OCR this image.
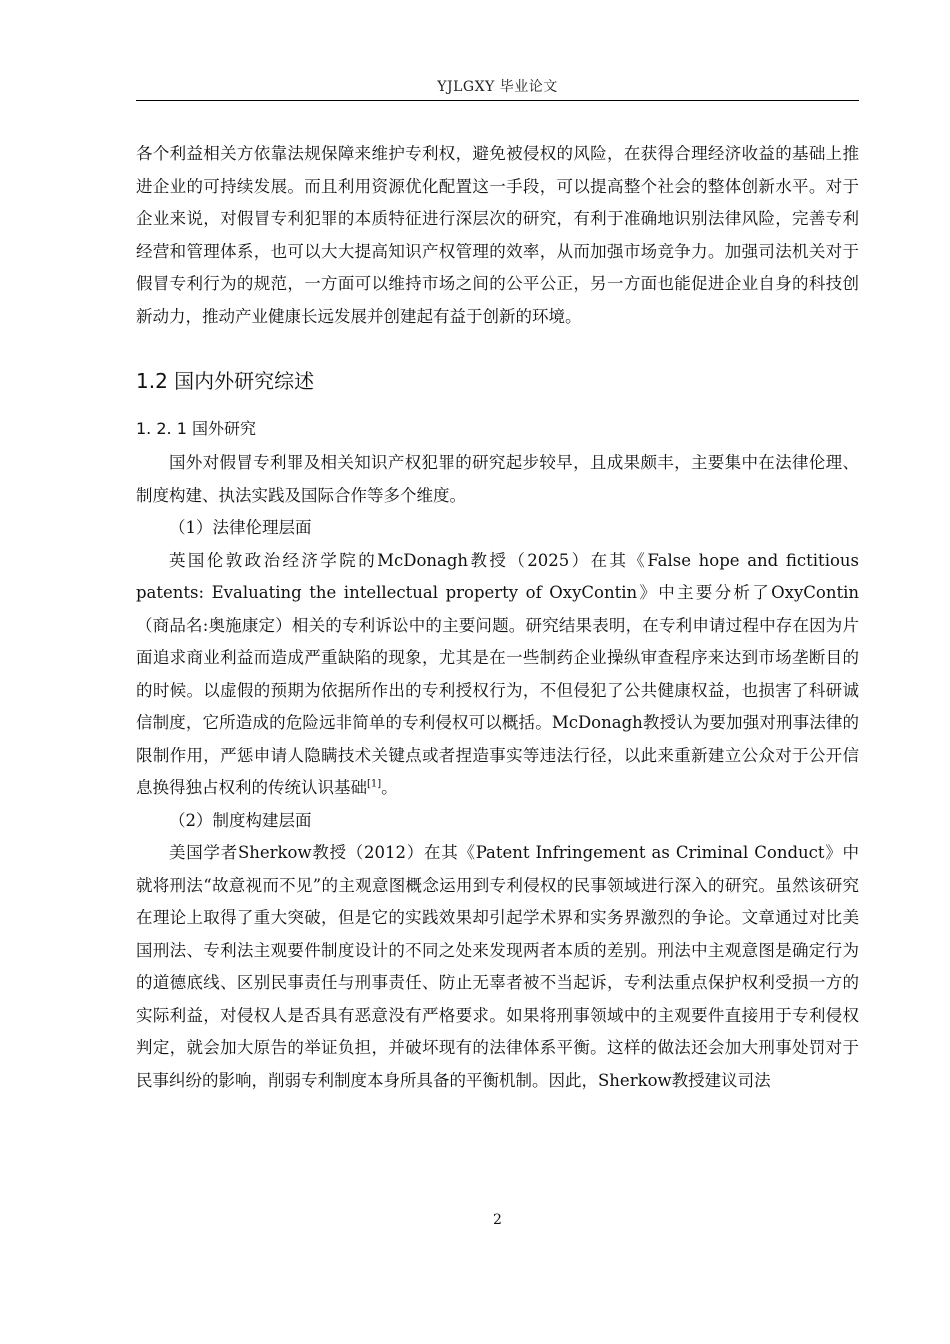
YJLGXY 毕业论文

各个利益相关方依靠法规保障来维护专利权，避免被侵权的风险，在获得合理经济收益的基础上推进企业的可持续发展。而且利用资源优化配置这一手段，可以提高整个社会的整体创新水平。对于企业来说，对假冒专利犯罪的本质特征进行深层次的研究，有利于准确地识别法律风险，完善专利经营和管理体系，也可以大大提高知识产权管理的效率，从而加强市场竞争力。加强司法机关对于假冒专利行为的规范，一方面可以维持市场之间的公平公正，另一方面也能促进企业自身的科技创新动力，推动产业健康长远发展并创建起有益于创新的环境。

1.2 国内外研究综述

1. 2. 1 国外研究

国外对假冒专利罪及相关知识产权犯罪的研究起步较早，且成果颇丰，主要集中在法律伦理、制度构建、执法实践及国际合作等多个维度。

（1）法律伦理层面

英国伦敦政治经济学院的McDonagh教授（2025）在其《False hope and fictitious patents: Evaluating the intellectual property of OxyContin》中主要分析了OxyContin（商品名:奥施康定）相关的专利诉讼中的主要问题。研究结果表明，在专利申请过程中存在因为片面追求商业利益而造成严重缺陷的现象，尤其是在一些制药企业操纵审查程序来达到市场垄断目的的时候。以虚假的预期为依据所作出的专利授权行为，不但侵犯了公共健康权益，也损害了科研诚信制度，它所造成的危险远非简单的专利侵权可以概括。McDonagh教授认为要加强对刑事法律的限制作用，严惩申请人隐瞒技术关键点或者捏造事实等违法行径，以此来重新建立公众对于公开信息换得独占权利的传统认识基础[1]。

（2）制度构建层面

美国学者Sherkow教授（2012）在其《Patent Infringement as Criminal Conduct》中就将刑法“故意视而不见”的主观意图概念运用到专利侵权的民事领域进行深入的研究。虽然该研究在理论上取得了重大突破，但是它的实践效果却引起学术界和实务界激烈的争论。文章通过对比美国刑法、专利法主观要件制度设计的不同之处来发现两者本质的差别。刑法中主观意图是确定行为的道德底线、区别民事责任与刑事责任、防止无辜者被不当起诉，专利法重点保护权利受损一方的实际利益，对侵权人是否具有恶意没有严格要求。如果将刑事领域中的主观要件直接用于专利侵权判定，就会加大原告的举证负担，并破坏现有的法律体系平衡。这样的做法还会加大刑事处罚对于民事纠纷的影响，削弱专利制度本身所具备的平衡机制。因此，Sherkow教授建议司法

2
